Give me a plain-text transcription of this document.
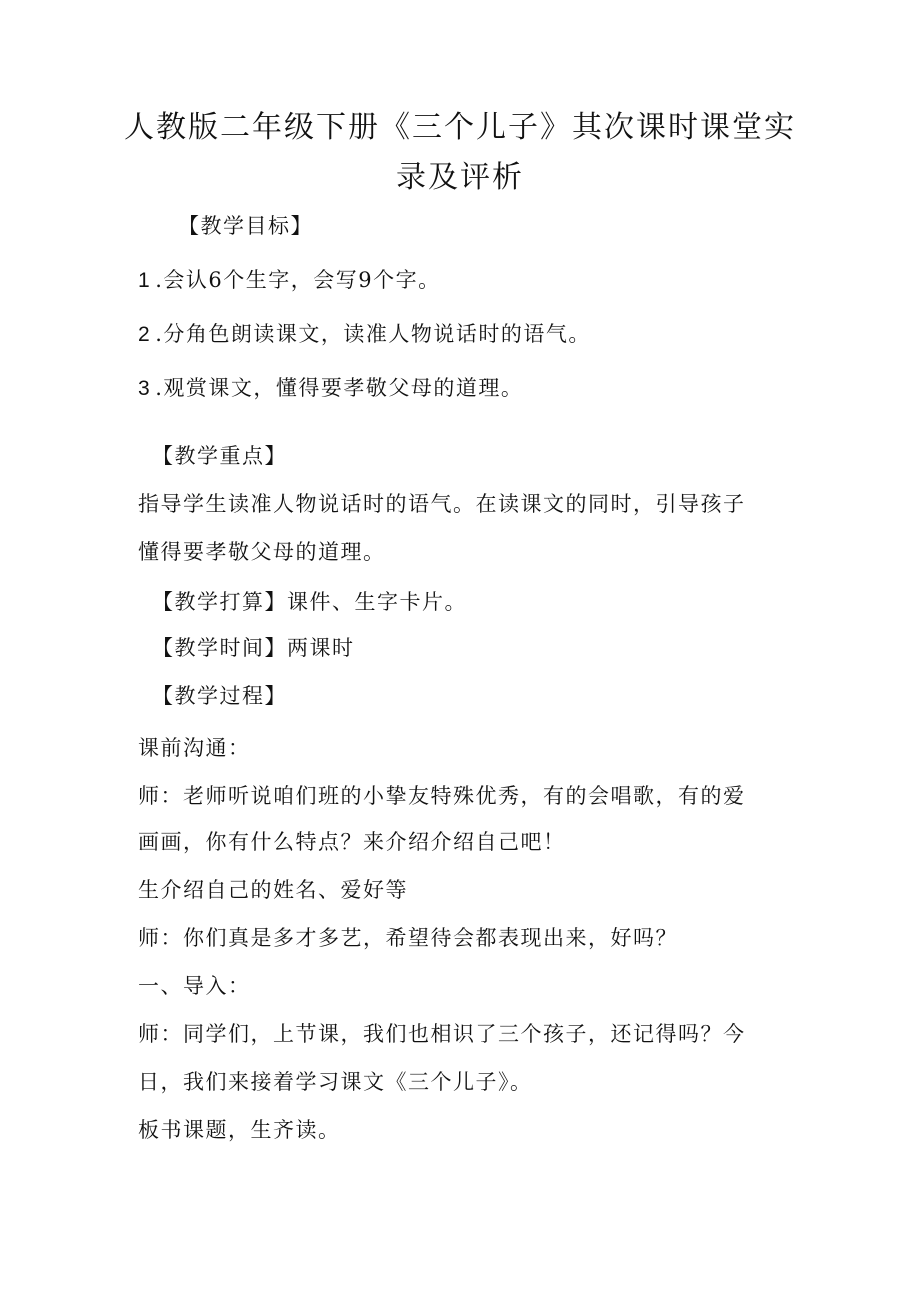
人教版二年级下册《三个儿子》其次课时课堂实
录及评析
【教学目标】
1 .会认6个生字，会写9个字。
2 .分角色朗读课文，读准人物说话时的语气。
3 .观赏课文，懂得要孝敬父母的道理。
【教学重点】
指导学生读准人物说话时的语气。在读课文的同时，引导孩子
懂得要孝敬父母的道理。
【教学打算】课件、生字卡片。
【教学时间】两课时
【教学过程】
课前沟通：
师：老师听说咱们班的小挚友特殊优秀，有的会唱歌，有的爱
画画，你有什么特点？来介绍介绍自己吧！
生介绍自己的姓名、爱好等
师：你们真是多才多艺，希望待会都表现出来，好吗？
一、导入：
师：同学们，上节课，我们也相识了三个孩子，还记得吗？今
日，我们来接着学习课文《三个儿子》。
板书课题，生齐读。
